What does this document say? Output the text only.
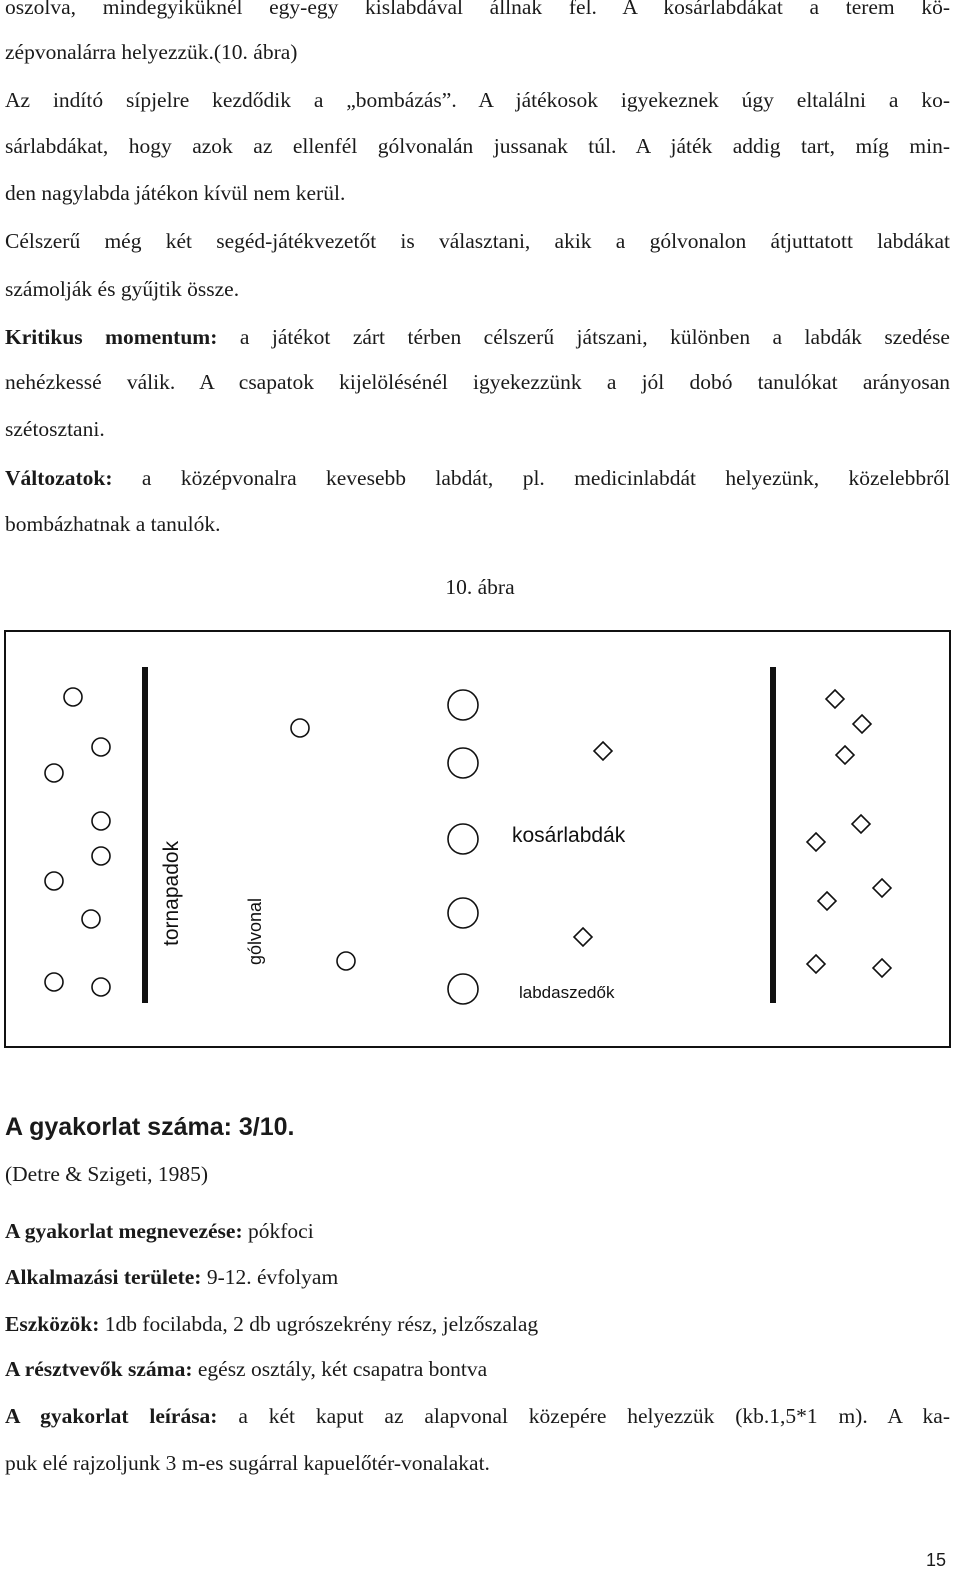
oszolva, mindegyiküknél egy-egy kislabdával állnak fel. A kosárlabdákat a terem kö-
zépvonalárra helyezzük.(10. ábra)
Az indító sípjelre kezdődik a „bombázás”. A játékosok igyekeznek úgy eltalálni a ko-
sárlabdákat, hogy azok az ellenfél gólvonalán jussanak túl. A játék addig tart, míg min-
den nagylabda játékon kívül nem kerül.
Célszerű még két segéd-játékvezetőt is választani, akik a gólvonalon átjuttatott labdákat
számolják és gyűjtik össze.
Kritikus momentum: a játékot zárt térben célszerű játszani, különben a labdák szedése
nehézkessé válik. A csapatok kijelölésénél igyekezzünk a jól dobó tanulókat arányosan
szétosztani.
Változatok: a középvonalra kevesebb labdát, pl. medicinlabdát helyezünk, közelebbről
bombázhatnak a tanulók.
10. ábra
tornapadok	gólvonal
kosárlabdák
labdaszedők
A gyakorlat száma: 3/10.
(Detre & Szigeti, 1985)
A gyakorlat megnevezése: pókfoci
Alkalmazási területe: 9-12. évfolyam
Eszközök: 1db focilabda, 2 db ugrószekrény rész, jelzőszalag
A résztvevők száma: egész osztály, két csapatra bontva
A gyakorlat leírása: a két kaput az alapvonal közepére helyezzük (kb.1,5*1 m). A ka-
puk elé rajzoljunk 3 m-es sugárral kapuelőtér-vonalakat.
15
